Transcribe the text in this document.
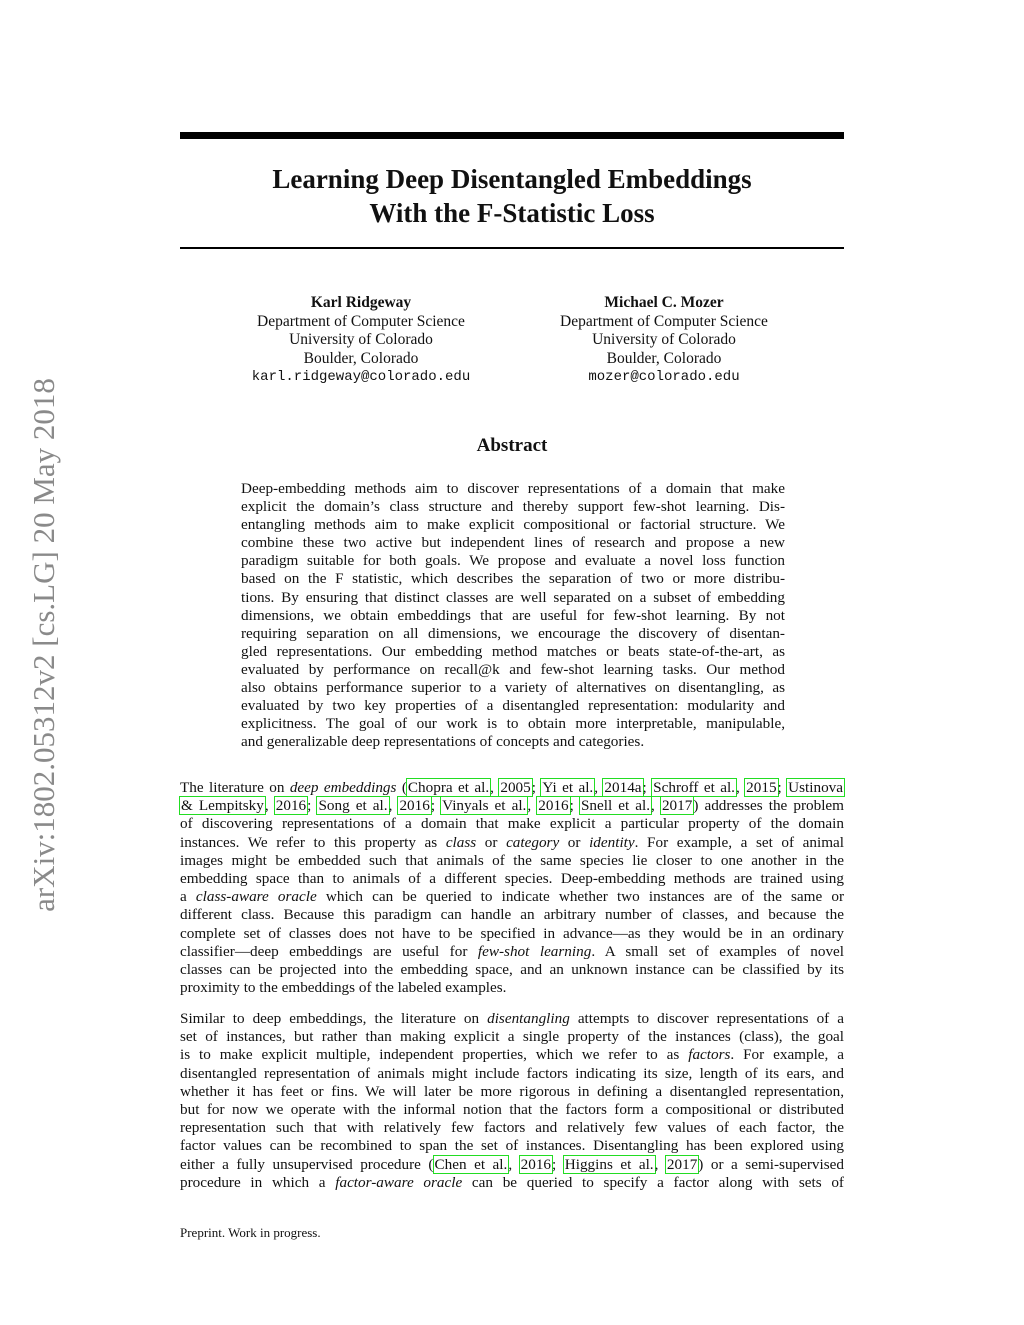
arXiv:1802.05312v2 [cs.LG] 20 May 2018
Learning Deep Disentangled Embeddings
With the F-Statistic Loss
Karl Ridgeway
Department of Computer Science
University of Colorado
Boulder, Colorado
karl.ridgeway@colorado.edu
Michael C. Mozer
Department of Computer Science
University of Colorado
Boulder, Colorado
mozer@colorado.edu
Abstract
Deep-embedding methods aim to discover representations of a domain that make
explicit the domain’s class structure and thereby support few-shot learning. Dis-
entangling methods aim to make explicit compositional or factorial structure. We
combine these two active but independent lines of research and propose a new
paradigm suitable for both goals. We propose and evaluate a novel loss function
based on the F statistic, which describes the separation of two or more distribu-
tions. By ensuring that distinct classes are well separated on a subset of embedding
dimensions, we obtain embeddings that are useful for few-shot learning. By not
requiring separation on all dimensions, we encourage the discovery of disentan-
gled representations. Our embedding method matches or beats state-of-the-art, as
evaluated by performance on recall@k and few-shot learning tasks. Our method
also obtains performance superior to a variety of alternatives on disentangling, as
evaluated by two key properties of a disentangled representation: modularity and
explicitness. The goal of our work is to obtain more interpretable, manipulable,
and generalizable deep representations of concepts and categories.
The literature on deep embeddings (Chopra et al., 2005; Yi et al., 2014a; Schroff et al., 2015; Ustinova
& Lempitsky, 2016; Song et al., 2016; Vinyals et al., 2016; Snell et al., 2017) addresses the problem
of discovering representations of a domain that make explicit a particular property of the domain
instances. We refer to this property as class or category or identity. For example, a set of animal
images might be embedded such that animals of the same species lie closer to one another in the
embedding space than to animals of a different species. Deep-embedding methods are trained using
a class-aware oracle which can be queried to indicate whether two instances are of the same or
different class. Because this paradigm can handle an arbitrary number of classes, and because the
complete set of classes does not have to be specified in advance—as they would be in an ordinary
classifier—deep embeddings are useful for few-shot learning. A small set of examples of novel
classes can be projected into the embedding space, and an unknown instance can be classified by its
proximity to the embeddings of the labeled examples.
Similar to deep embeddings, the literature on disentangling attempts to discover representations of a
set of instances, but rather than making explicit a single property of the instances (class), the goal
is to make explicit multiple, independent properties, which we refer to as factors. For example, a
disentangled representation of animals might include factors indicating its size, length of its ears, and
whether it has feet or fins. We will later be more rigorous in defining a disentangled representation,
but for now we operate with the informal notion that the factors form a compositional or distributed
representation such that with relatively few factors and relatively few values of each factor, the
factor values can be recombined to span the set of instances. Disentangling has been explored using
either a fully unsupervised procedure (Chen et al., 2016; Higgins et al., 2017) or a semi-supervised
procedure in which a factor-aware oracle can be queried to specify a factor along with sets of
Preprint. Work in progress.
